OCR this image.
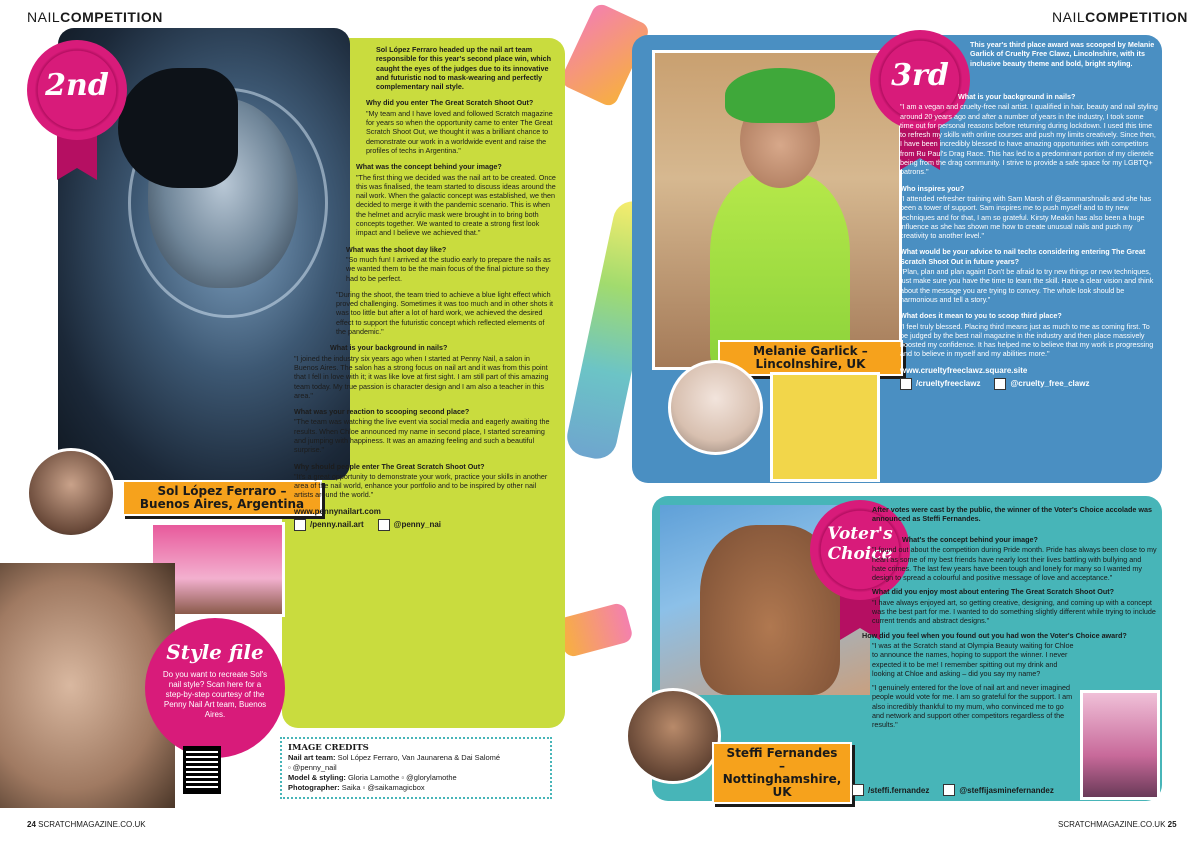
NAILCOMPETITION	NAILCOMPETITION
2nd
Sol López Ferraro –
Buenos Aires, Argentina
Style file
Do you want to recreate Sol's nail style? Scan here for a step-by-step courtesy of the Penny Nail Art team, Buenos Aires.

Sol López Ferraro headed up the nail art team responsible for this year's second place win, which caught the eyes of the judges due to its innovative and futuristic nod to mask-wearing and perfectly complementary nail style.

Why did you enter The Great Scratch Shoot Out?

"My team and I have loved and followed Scratch magazine for years so when the opportunity came to enter The Great Scratch Shoot Out, we thought it was a brilliant chance to demonstrate our work in a worldwide event and raise the profiles of techs in Argentina."

What was the concept behind your image?

"The first thing we decided was the nail art to be created. Once this was finalised, the team started to discuss ideas around the nail work. When the galactic concept was established, we then decided to merge it with the pandemic scenario. This is when the helmet and acrylic mask were brought in to bring both concepts together. We wanted to create a strong first look impact and I believe we achieved that."

What was the shoot day like?

"So much fun! I arrived at the studio early to prepare the nails as we wanted them to be the main focus of the final picture so they had to be perfect.

"During the shoot, the team tried to achieve a blue light effect which proved challenging. Sometimes it was too much and in other shots it was too little but after a lot of hard work, we achieved the desired effect to support the futuristic concept which reflected elements of the pandemic."

What is your background in nails?

"I joined the industry six years ago when I started at Penny Nail, a salon in Buenos Aires. The salon has a strong focus on nail art and it was from this point that I fell in love with it; it was like love at first sight. I am still part of this amazing team today. My true passion is character design and I am also a teacher in this area."

What was your reaction to scooping second place?

"The team was watching the live event via social media and eagerly awaiting the results. When Chloe announced my name in second place, I started screaming and jumping with happiness. It was an amazing feeling and such a beautiful surprise."

Why should people enter The Great Scratch Shoot Out?

"It's a great opportunity to demonstrate your work, practice your skills in another area of the nail world, enhance your portfolio and to be inspired by other nail artists around the world."

www.pennynailart.com
/penny.nail.art	@penny_nai
IMAGE CREDITS
Nail art team: Sol López Ferraro, Van Jaunarena & Dai Salomé
▫ @penny_nail
Model & styling: Gloria Lamothe ▫ @glorylamothe
Photographer: Saika ▫ @saikamagicbox
3rd
Melanie Garlick –
Lincolnshire, UK

This year's third place award was scooped by Melanie Garlick of Cruelty Free Clawz, Lincolnshire, with its inclusive beauty theme and bold, bright styling.

What is your background in nails?

"I am a vegan and cruelty-free nail artist. I qualified in hair, beauty and nail styling around 20 years ago and after a number of years in the industry, I took some time out for personal reasons before returning during lockdown. I used this time to refresh my skills with online courses and push my limits creatively. Since then, I have been incredibly blessed to have amazing opportunities with competitors from Ru Paul's Drag Race. This has led to a predominant portion of my clientele being from the drag community. I strive to provide a safe space for my LGBTQ+ patrons."

Who inspires you?

"I attended refresher training with Sam Marsh of @sammarshnails and she has been a tower of support. Sam inspires me to push myself and to try new techniques and for that, I am so grateful. Kirsty Meakin has also been a huge influence as she has shown me how to create unusual nails and push my creativity to another level."

What would be your advice to nail techs considering entering The Great Scratch Shoot Out in future years?

"Plan, plan and plan again! Don't be afraid to try new things or new techniques, just make sure you have the time to learn the skill. Have a clear vision and think about the message you are trying to convey. The whole look should be harmonious and tell a story."

What does it mean to you to scoop third place?

"I feel truly blessed. Placing third means just as much to me as coming first. To be judged by the best nail magazine in the industry and then place massively boosted my confidence. It has helped me to believe that my work is progressing and to believe in myself and my abilities more."

www.crueltyfreeclawz.square.site
/crueltyfreeclawz	@cruelty_free_clawz
Voter's
Choice
Steffi Fernandes –
Nottinghamshire,
UK

After votes were cast by the public, the winner of the Voter's Choice accolade was announced as Steffi Fernandes.

What's the concept behind your image?

"I found out about the competition during Pride month. Pride has always been close to my heart as some of my best friends have nearly lost their lives battling with bullying and hate crimes. The last few years have been tough and lonely for many so I wanted my design to spread a colourful and positive message of love and acceptance."

What did you enjoy most about entering The Great Scratch Shoot Out?

"I have always enjoyed art, so getting creative, designing, and coming up with a concept was the best part for me. I wanted to do something slightly different while trying to include current trends and abstract designs."

How did you feel when you found out you had won the Voter's Choice award?

"I was at the Scratch stand at Olympia Beauty waiting for Chloe to announce the names, hoping to support the winner. I never expected it to be me! I remember spitting out my drink and looking at Chloe and asking – did you say my name?

"I genuinely entered for the love of nail art and never imagined people would vote for me. I am so grateful for the support. I am also incredibly thankful to my mum, who convinced me to go and network and support other competitors regardless of the results."

/steffi.fernandez	@steffijasminefernandez
24 SCRATCHMAGAZINE.CO.UK	SCRATCHMAGAZINE.CO.UK 25
